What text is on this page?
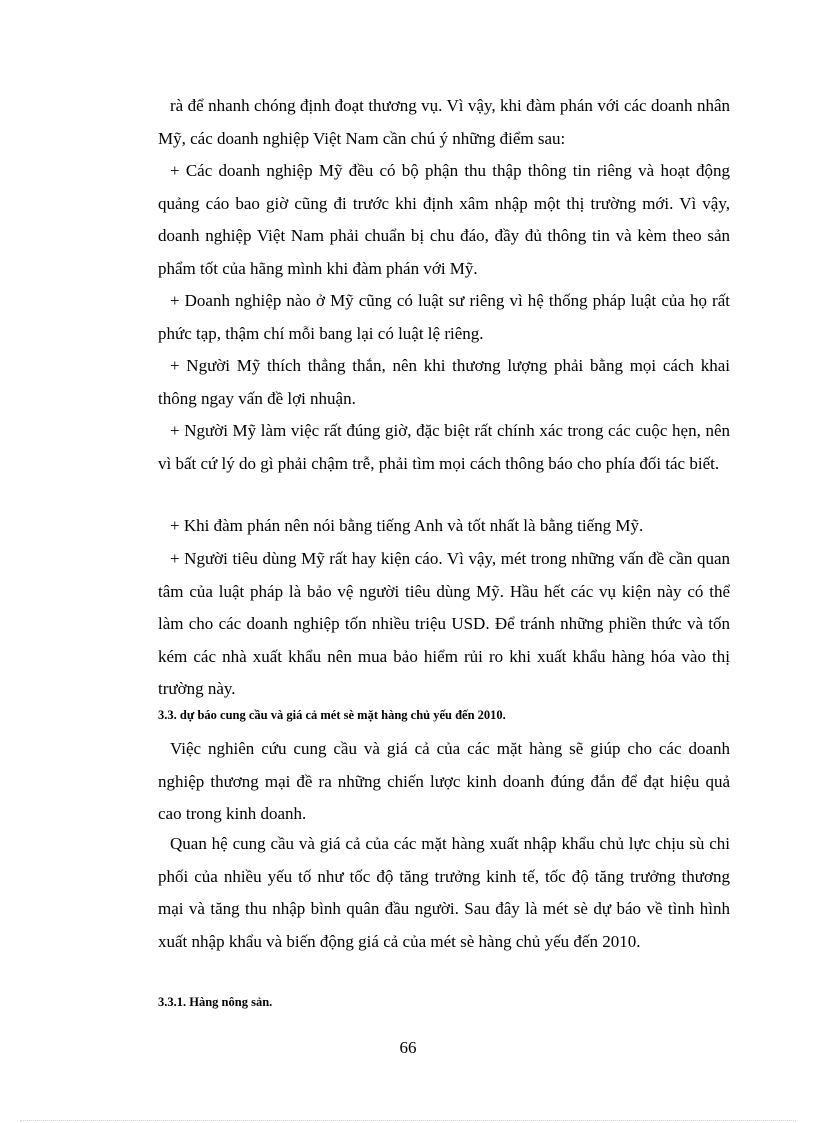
rà để nhanh chóng định đoạt thương vụ. Vì vậy, khi đàm phán với các doanh nhân Mỹ, các doanh nghiệp Việt Nam cần chú ý những điểm sau:

+ Các doanh nghiệp Mỹ đều có bộ phận thu thập thông tin riêng và hoạt động quảng cáo bao giờ cũng đi trước khi định xâm nhập một thị trường mới. Vì vậy, doanh nghiệp Việt Nam phải chuẩn bị chu đáo, đầy đủ thông tin và kèm theo sản phẩm tốt của hãng mình khi đàm phán với Mỹ.

+ Doanh nghiệp nào ở Mỹ cũng có luật sư riêng vì hệ thống pháp luật của họ rất phức tạp, thậm chí mỗi bang lại có luật lệ riêng.

+ Người Mỹ thích thẳng thắn, nên khi thương lượng phải bằng mọi cách khai thông ngay vấn đề lợi nhuận.

+ Người Mỹ làm việc rất đúng giờ, đặc biệt rất chính xác trong các cuộc hẹn, nên vì bất cứ lý do gì phải chậm trễ, phải tìm mọi cách thông báo cho phía đối tác biết.

+ Khi đàm phán nên nói bằng tiếng Anh và tốt nhất là bằng tiếng Mỹ.

+ Người tiêu dùng Mỹ rất hay kiện cáo. Vì vậy, mét trong những vấn đề cần quan tâm của luật pháp là bảo vệ người tiêu dùng Mỹ. Hầu hết các vụ kiện này có thể làm cho các doanh nghiệp tốn nhiều triệu USD. Để tránh những phiền thức và tốn kém các nhà xuất khẩu nên mua bảo hiểm rủi ro khi xuất khẩu hàng hóa vào thị trường này.

3.3. dự báo cung cầu và giá cả mét sè mặt hàng chủ yếu đến 2010.

Việc nghiên cứu cung cầu và giá cả của các mặt hàng sẽ giúp cho các doanh nghiệp thương mại đề ra những chiến lược kinh doanh đúng đắn để đạt hiệu quả cao trong kinh doanh.

Quan hệ cung cầu và giá cả của các mặt hàng xuất nhập khẩu chủ lực chịu sù chi phối của nhiều yếu tố như tốc độ tăng trưởng kinh tế, tốc độ tăng trưởng thương mại và tăng thu nhập bình quân đầu người. Sau đây là mét sè dự báo về tình hình xuất nhập khẩu và biến động giá cả của mét sè hàng chủ yếu đến 2010.

3.3.1. Hàng nông sản.

66
